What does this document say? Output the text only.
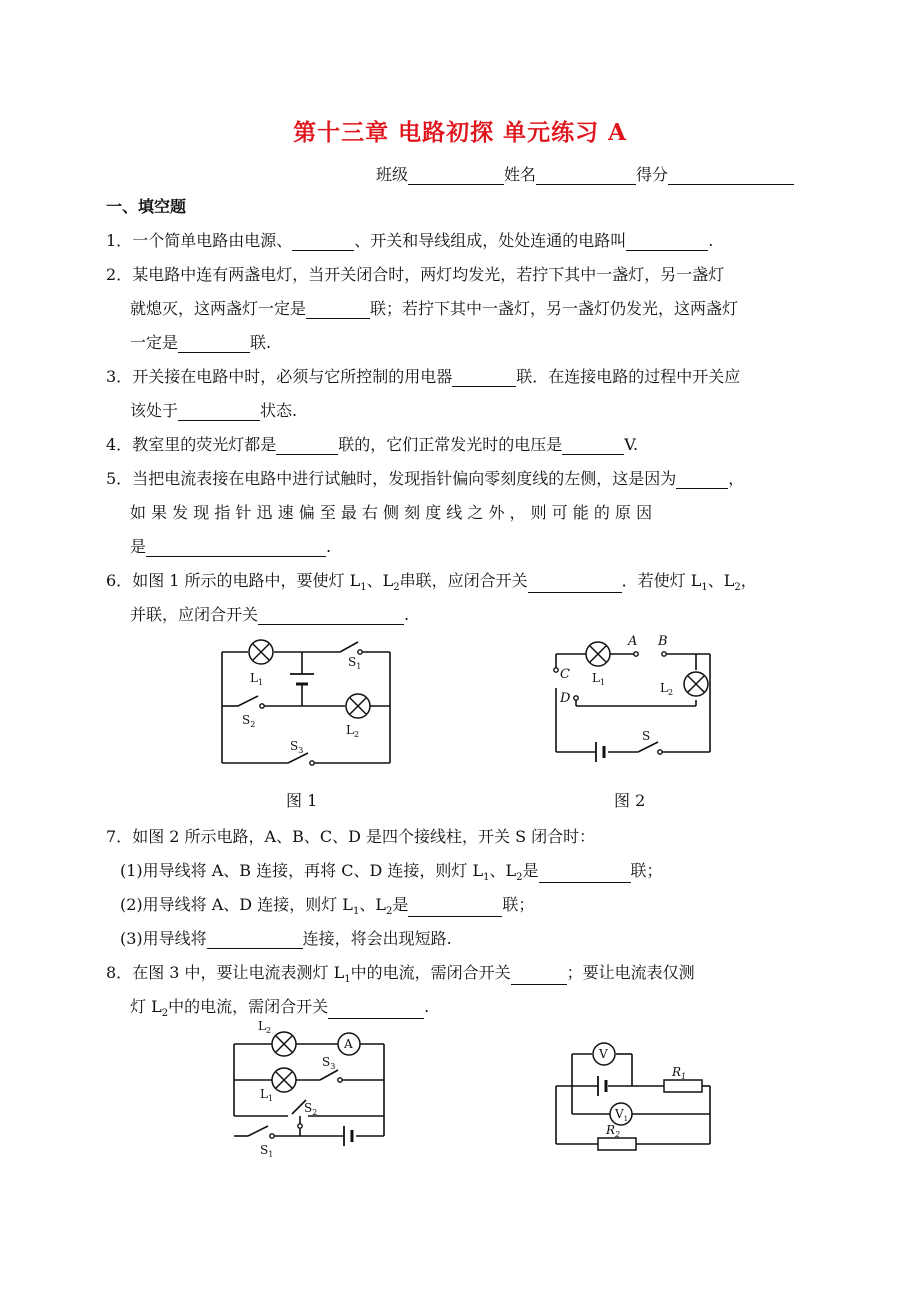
第十三章 电路初探 单元练习 A
班级	姓名	得分
一、填空题
1．一个简单电路由电源、	、开关和导线组成，处处连通的电路叫	.
2．某电路中连有两盏电灯，当开关闭合时，两灯均发光，若拧下其中一盏灯，另一盏灯
就熄灭，这两盏灯一定是	联；若拧下其中一盏灯，另一盏灯仍发光，这两盏灯
一定是	联.
3．开关接在电路中时，必须与它所控制的用电器	联．在连接电路的过程中开关应
该处于	状态.
4．教室里的荧光灯都是	联的，它们正常发光时的电压是	V.
5．当把电流表接在电路中进行试触时，发现指针偏向零刻度线的左侧，这是因为	，
如 果 发 现 指 针 迅 速 偏 至 最 右 侧 刻 度 线 之 外 ， 则 可 能 的 原 因
是	.
6．如图 1 所示的电路中，要使灯 $L_1$、$L_2$串联，应闭合开关	．若使灯 $L_1$、$L_2$，
并联，应闭合开关	.
$L_1$
$S_1$
$S_2$	$L_2$
$S_3$
图 1
A B
C
D
$L_1$	$L_2$
S
图 2
7．如图 2 所示电路，A、B、C、D 是四个接线柱，开关 S 闭合时：
(1)用导线将 A、B 连接，再将 C、D 连接，则灯 $L_1$、$L_2$是	联；
(2)用导线将 A、D 连接，则灯 $L_1$、$L_2$是	联；
(3)用导线将	连接，将会出现短路.
8．在图 3 中，要让电流表测灯 $L_1$中的电流，需闭合开关	；要让电流表仅测
灯 $L_2$中的电流，需闭合开关	.
A
$L_2$
$S_3$
$L_1$
$S_2$
$S_1$
V
$V_1$
$R_1$
$R_2$
